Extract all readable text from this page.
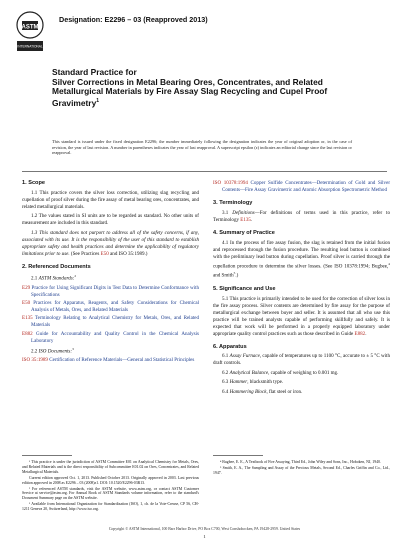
ASTM
INTERNATIONAL
Designation: E2296 – 03 (Reapproved 2013)
Standard Practice for
Silver Corrections in Metal Bearing Ores, Concentrates, and Related Metallurgical Materials by Fire Assay Slag Recycling and Cupel Proof Gravimetry$^1$
This standard is issued under the fixed designation E2296; the number immediately following the designation indicates the year of original adoption or, in the case of revision, the year of last revision. A number in parentheses indicates the year of last reapproval. A superscript epsilon (ε) indicates an editorial change since the last revision or reapproval.
1. Scope

1.1 This practice covers the silver loss correction, utilizing slag recycling and cupellation of proof silver during the fire assay of metal bearing ores, concentrates, and related metallurgical materials.

1.2 The values stated in SI units are to be regarded as standard. No other units of measurement are included in this standard.

1.3 This standard does not purport to address all of the safety concerns, if any, associated with its use. It is the responsibility of the user of this standard to establish appropriate safety and health practices and determine the applicability of regulatory limitations prior to use. (See Practices E50 and ISO 35:1989.)

2. Referenced Documents
2.1 ASTM Standards:$^2$
E29 Practice for Using Significant Digits in Test Data to Determine Conformance with Specifications
E50 Practices for Apparatus, Reagents, and Safety Considerations for Chemical Analysis of Metals, Ores, and Related Materials
E135 Terminology Relating to Analytical Chemistry for Metals, Ores, and Related Materials
E882 Guide for Accountability and Quality Control in the Chemical Analysis Laboratory
2.2 ISO Documents:$^3$
ISO 35:1989 Certification of Reference Materials—General and Statistical Principles
ISO 10378:1994 Copper Sulfide Concentrates—Determination of Gold and Silver Contents—Fire Assay Gravimetric and Atomic Absorption Spectrometric Method
3. Terminology

3.1 Definitions—For definitions of terms used in this practice, refer to Terminology E135.

4. Summary of Practice

4.1 In the process of fire assay fusion, the slag is retained from the initial fusion and reprocessed through the fusion procedure. The resulting lead button is combined with the preliminary lead button during cupellation. Proof silver is carried through the cupellation procedure to determine the silver losses. (See ISO 10378:1994; Bugbee,$^4$ and Smith$^5$.)

5. Significance and Use

5.1 This practice is primarily intended to be used for the correction of silver loss in the fire assay process. Silver contents are determined by fire assay for the purpose of metallurgical exchange between buyer and seller. It is assumed that all who use this practice will be trained analysts capable of performing skillfully and safely. It is expected that work will be performed in a properly equipped laboratory under appropriate quality control practices such as those described in Guide E882.

6. Apparatus

6.1 Assay Furnace, capable of temperatures up to 1100 °C, accurate to ± 5 °C with draft controls.

6.2 Analytical Balance, capable of weighing to 0.001 mg.

6.3 Hammer, blacksmith type.

6.4 Hammering Block, flat steel or iron.

¹ This practice is under the jurisdiction of ASTM Committee E01 on Analytical Chemistry for Metals, Ores, and Related Materials and is the direct responsibility of Subcommittee E01.02 on Ores, Concentrates, and Related Metallurgical Materials.
Current edition approved Oct. 1, 2013. Published October 2013. Originally approved in 2003. Last previous edition approved in 2008 as E2296 – 03 (2008)ε1. DOI: 10.1520/E2296-03R13.
² For referenced ASTM standards, visit the ASTM website, www.astm.org, or contact ASTM Customer Service at service@astm.org. For Annual Book of ASTM Standards volume information, refer to the standard's Document Summary page on the ASTM website.
³ Available from International Organization for Standardization (ISO), 1, ch. de la Voie-Creuse, CP 56, CH-1211 Geneva 20, Switzerland, http://www.iso.org.
⁴ Bugbee, E. E., A Textbook of Fire Assaying, Third Ed., John Wiley and Sons, Inc., Hoboken, NJ, 1940.
⁵ Smith, E. A., The Sampling and Assay of the Precious Metals, Second Ed., Charles Griffin and Co., Ltd., 1947.
Copyright © ASTM International, 100 Barr Harbor Drive, PO Box C700, West Conshohocken, PA 19428-2959. United States
1
